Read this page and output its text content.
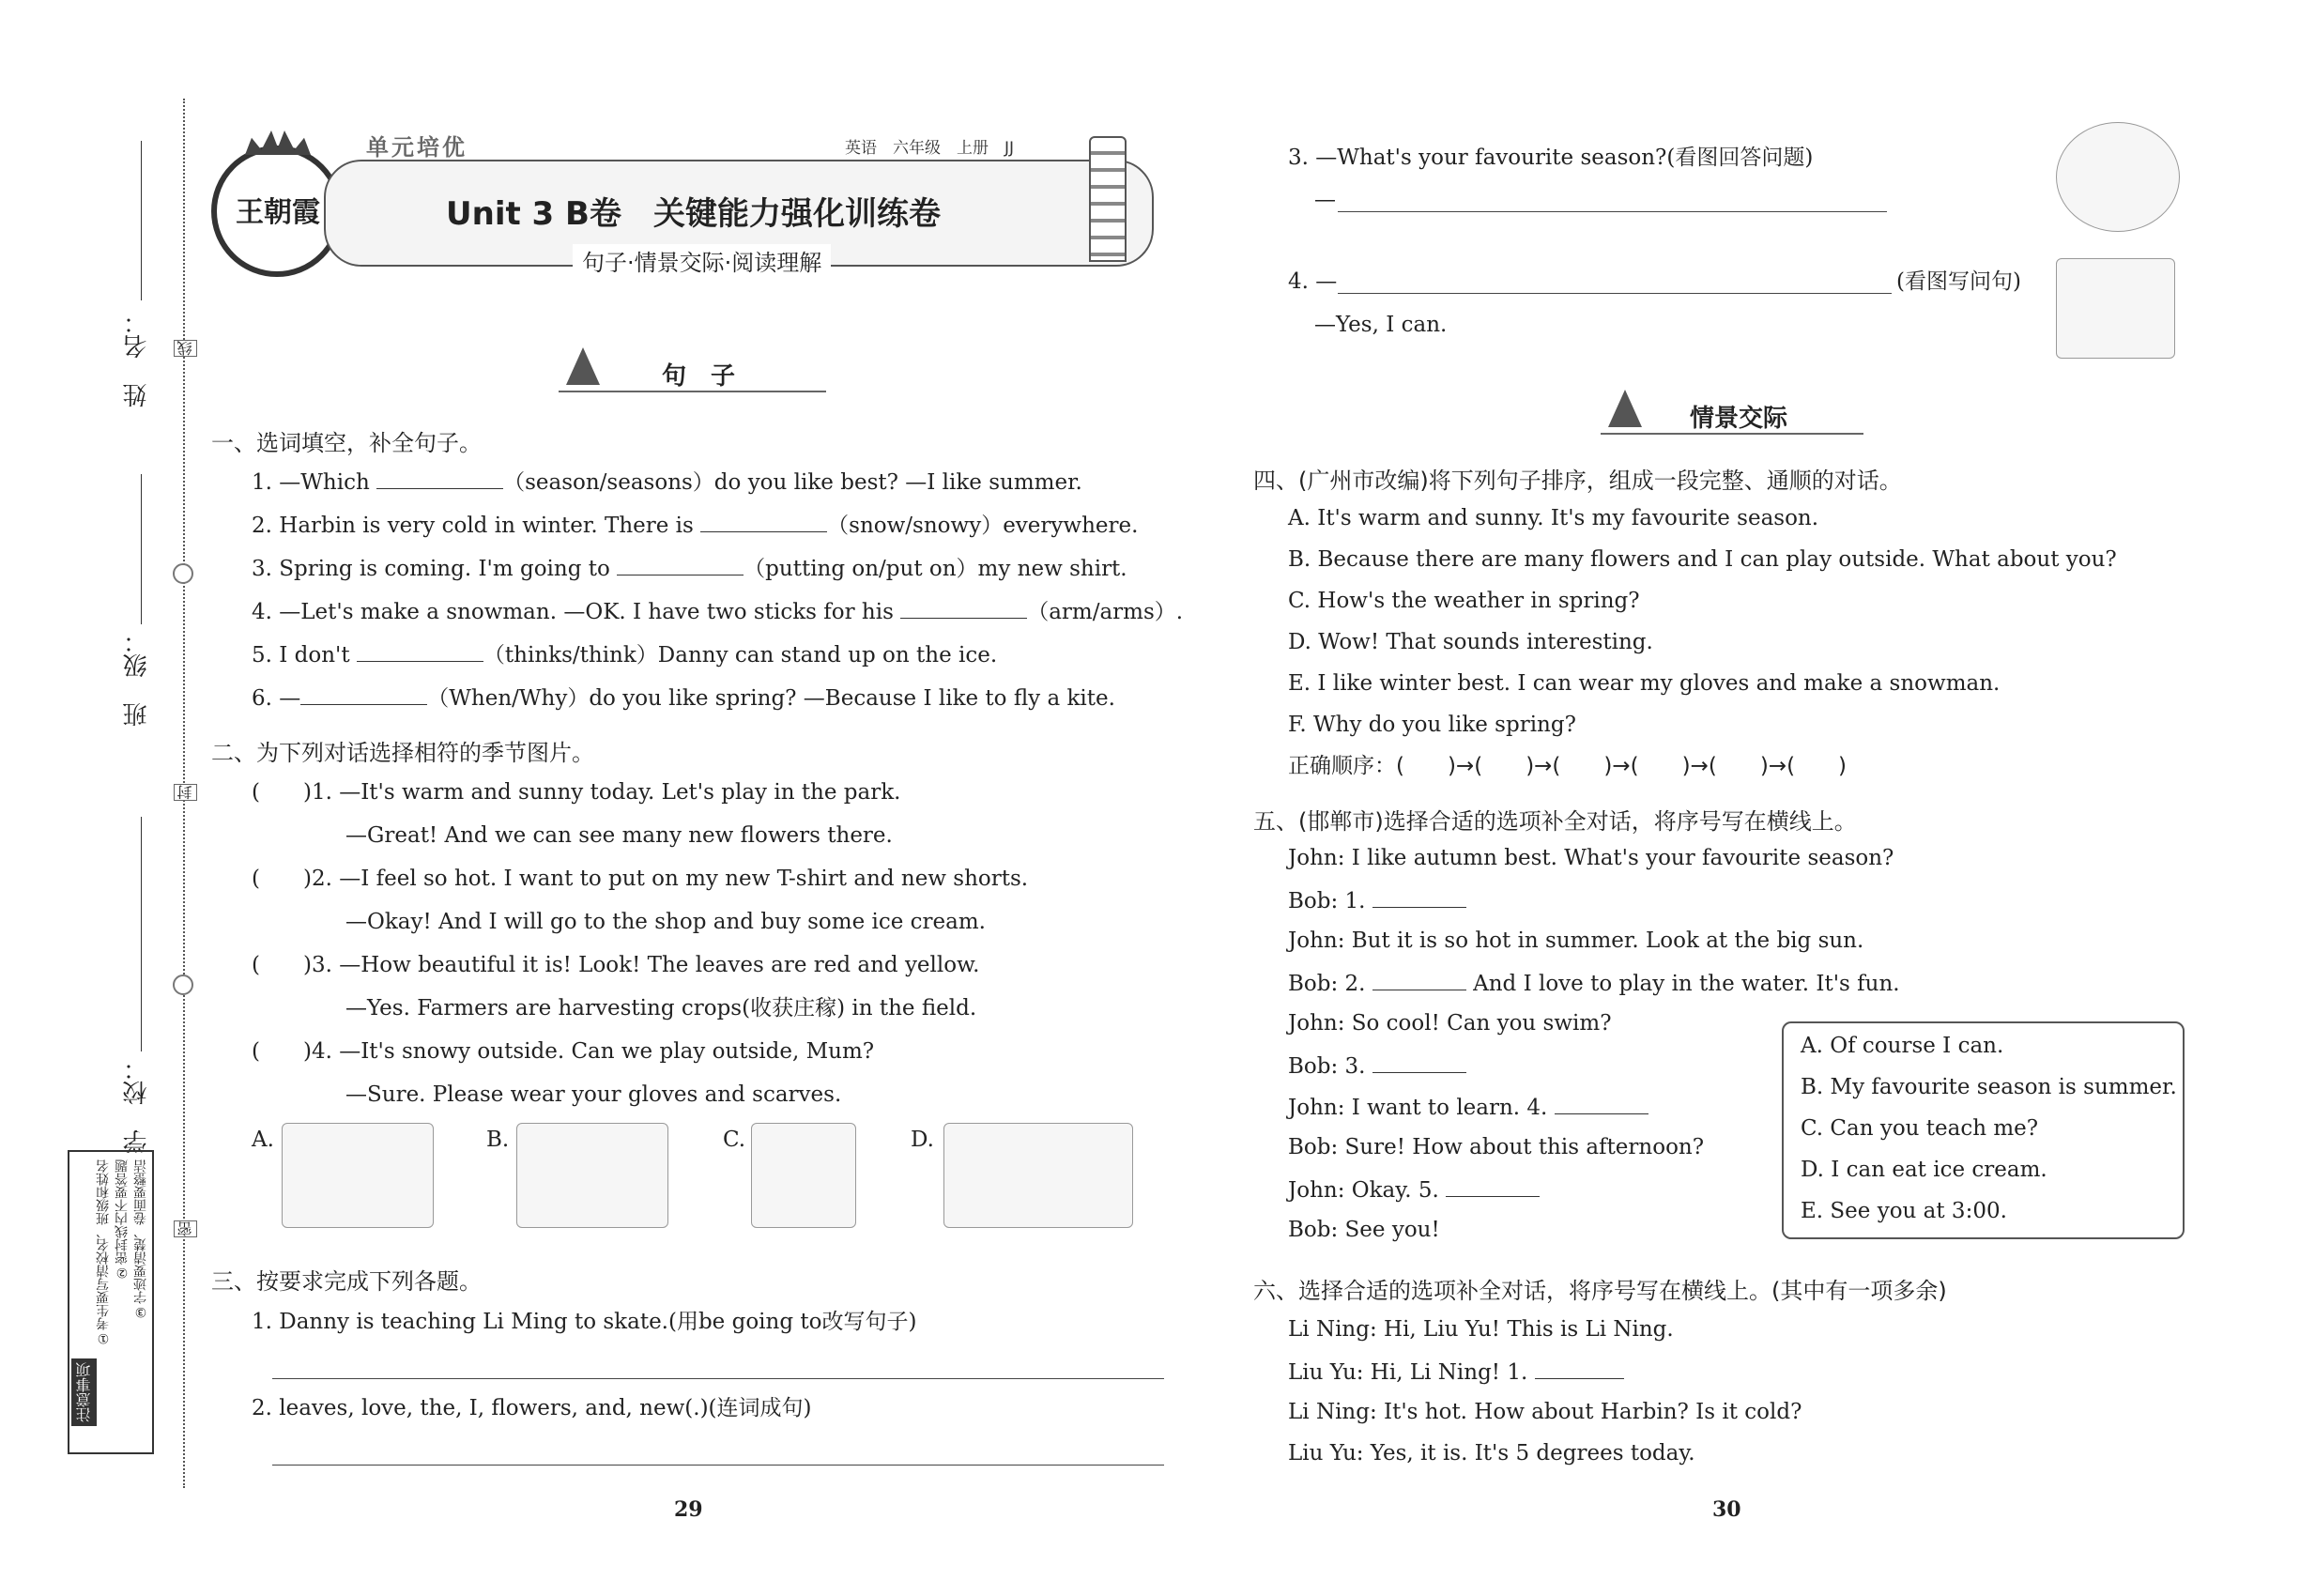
线
封
密
姓　名：
班　级：
学　校：
注意事项
①考生要写清校名、班级和姓名 ②密封线内不要答题 ③字迹要清楚、卷面要整洁
王朝霞
单元培优	英语　六年级　上册　JJ
Unit 3 B卷　关键能力强化训练卷
句子·情景交际·阅读理解
句　子
一、选词填空，补全句子。
1. —Which	（season/seasons）do you like best? —I like summer.
2. Harbin is very cold in winter. There is	（snow/snowy）everywhere.
3. Spring is coming. I'm going to	（putting on/put on）my new shirt.
4. —Let's make a snowman. —OK. I have two sticks for his	（arm/arms）.
5. I don't	（thinks/think）Danny can stand up on the ice.
6. —	（When/Why）do you like spring? —Because I like to fly a kite.
二、为下列对话选择相符的季节图片。
(　　)1. —It's warm and sunny today. Let's play in the park.
—Great! And we can see many new flowers there.
(　　)2. —I feel so hot. I want to put on my new T-shirt and new shorts.
—Okay! And I will go to the shop and buy some ice cream.
(　　)3. —How beautiful it is! Look! The leaves are red and yellow.
—Yes. Farmers are harvesting crops(收获庄稼) in the field.
(　　)4. —It's snowy outside. Can we play outside, Mum?
—Sure. Please wear your gloves and scarves.
A.	B.	C.	D.
三、按要求完成下列各题。
1. Danny is teaching Li Ming to skate.(用be going to改写句子)
2. leaves, love, the, I, flowers, and, new(.)(连词成句)
29
3. —What's your favourite season?(看图回答问题)
—
4. —	(看图写问句)
—Yes, I can.
情景交际
四、(广州市改编)将下列句子排序，组成一段完整、通顺的对话。
A. It's warm and sunny. It's my favourite season.
B. Because there are many flowers and I can play outside. What about you?
C. How's the weather in spring?
D. Wow! That sounds interesting.
E. I like winter best. I can wear my gloves and make a snowman.
F. Why do you like spring?
正确顺序：(　　)→(　　)→(　　)→(　　)→(　　)→(　　)
五、(邯郸市)选择合适的选项补全对话，将序号写在横线上。
John: I like autumn best. What's your favourite season?
Bob: 1.
John: But it is so hot in summer. Look at the big sun.
Bob: 2.	And I love to play in the water. It's fun.
John: So cool! Can you swim?
Bob: 3.
John: I want to learn. 4.
Bob: Sure! How about this afternoon?
John: Okay. 5.
Bob: See you!
A. Of course I can.
B. My favourite season is summer.
C. Can you teach me?
D. I can eat ice cream.
E. See you at 3:00.
六、选择合适的选项补全对话，将序号写在横线上。(其中有一项多余)
Li Ning: Hi, Liu Yu! This is Li Ning.
Liu Yu: Hi, Li Ning! 1.
Li Ning: It's hot. How about Harbin? Is it cold?
Liu Yu: Yes, it is. It's 5 degrees today.
30
